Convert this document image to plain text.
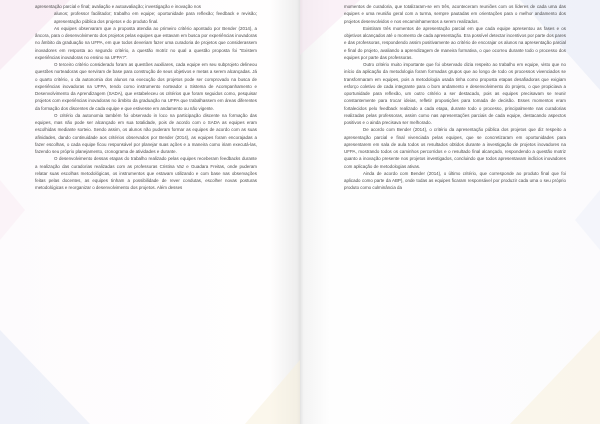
apresentação parcial e final; avaliação e autoavaliação; investigação e inovação nos

alunos; professor facilitador; trabalho em equipe; oportunidade para reflexão; feedback e revisão; apresentação pública dos projetos e do produto final.

As equipes observaram que a proposta atendia ao primeiro critério apontado por Bender (2014), a âncora, para o desenvolvimento dos projetos pelas equipes que estavam em busca por experiências inovadoras no âmbito da graduação na UFPA, em que todos deveriam fazer uma curadoria de projetos que considerassem inovadores em resposta ao segundo critério, a questão motriz no qual a questão proposta foi "Existem experiências inovadoras no ensino na UFPA?".

O terceiro critério considerado foram as questões auxiliares, cada equipe em seu subprojeto delineou questões norteadoras que serviram de base para construção de seus objetivos e metas a serem alcançadas. Já o quarto critério, o da autonomia dos alunos na execução dos projetos pode ser comprovado na busca de experiências inovadoras na UFPA, tendo como instrumento norteador o Sistema de Acompanhamento e Desenvolvimento da Aprendizagem (SADA), que estabeleceu os critérios que foram seguidos como, pesquisar projetos com experiências inovadoras no âmbito da graduação na UFPA que trabalhassem em áreas diferentes da formação dos discentes de cada equipe e que estivesse em andamento ou não vigente.

O critério da autonomia também foi observado in loco na participação discente na formação das equipes, mas não pode ser alcançado em sua totalidade, pois de acordo com o SADA as equipes eram escolhidas mediante sorteio. Sendo assim, os alunos não puderam formar as equipes de acordo com as suas afinidades, dando continuidade aos critérios observados por Bender (2014), as equipes foram encorajadas a fazer escolhas, o cada equipe ficou responsável por planejar suas ações e a maneira como iriam executá-las, fazendo seu próprio planejamento, cronograma de atividades e durante.

O desenvolvimento dessas etapas do trabalho realizado pelas equipes receberam feedbacks durante a realização das curadorias realizadas com as professoras Cristina Vaz e Guadara Freitas, onde puderam relatar suas escolhas metodológicas, os instrumentos que estavam utilizando e com base nas observações feitas pelas docentes, as equipes tinham a possibilidade de rever condutas, escolher novas posturas metodológicas e reorganizar o desenvolvimento dos projetos. Além desses

momentos de curadoria, que totalizaram-se em três, aconteceram reuniões com os líderes de cada uma das equipes e uma reunião geral com a turma, sempre pautadas em orientações para o melhor andamento dos projetos desenvolvidos e nos encaminhamentos a serem realizados.

Existiram três momentos de apresentação parcial em que cada equipe apresentou as fases e os objetivos alcançados até o momento de cada apresentação. Era possível detectar incentivos por parte dos pares e das professoras, respondendo assim positivamente ao critério de encorajar os alunos na apresentação parcial e final do projeto, avaliando a aprendizagem de maneira formativa, o que ocorreu durante todo o processo dos equipes por parte das professoras.

Outro critério muito importante que foi observado dizia respeito ao trabalho em equipe, visto que no início da aplicação da metodologia foram formadas grupos que ao longo de todo os processos vivenciados se transformaram em equipes, pois a metodologia usada tinha como proposta etapas desafiadoras que exigiam esforço coletivo de cada integrante para o bom andamento e desenvolvimento do projeto, o que propiciava a oportunidade para reflexão, um outro critério a ser destacado, pois as equipes precisavam se reunir constantemente para trocar ideias, refletir proposições para tomada de decisão. Esses momentos eram fortalecidos pelo feedback realizado a cada etapa, durante todo o processo, principalmente nas curadorias realizadas pelas professoras, assim como nas apresentações parciais de cada equipe, destacando aspectos positivos e o ainda precisava ser melhorado.

De acordo com Bender (2014), o critério da apresentação pública dos projetos que diz respeito a apresentação parcial e final vivenciada pelas equipes, que se concretizaram em oportunidades para apresentarem em sala de aula todos os resultados obtidos durante a investigação de projetos inovadores na UFPA, mostrando todos os caminhos percorridos e o resultado final alcançado, respondendo a questão motriz quanto a inovação presente nos projetos investigados, concluindo que todos apresentavam indícios inovadores com aplicação de metodologias ativas.

Ainda de acordo com Bender (2014), o último critério, que corresponde ao produto final que foi aplicado como parte da ABP), onde todas as equipes ficaram responsável por produzir cada uma o seu próprio produto como culminância da
